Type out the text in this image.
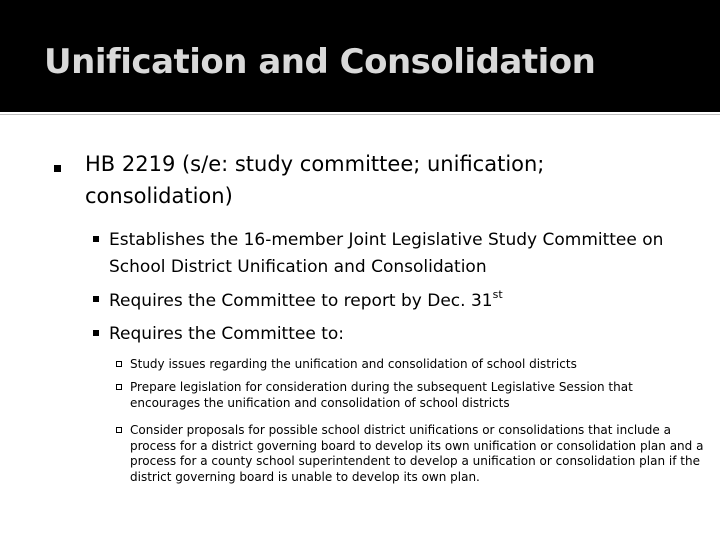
Unification and Consolidation
HB 2219 (s/e: study committee; unification; consolidation)
Establishes the 16-member Joint Legislative Study Committee on School District Unification and Consolidation
Requires the Committee to report by Dec. 31st
Requires the Committee to:
Study issues regarding the unification and consolidation of school districts
Prepare legislation for consideration during the subsequent Legislative Session that encourages the unification and consolidation of school districts
Consider proposals for possible school district unifications or consolidations that include a process for a district governing board to develop its own unification or consolidation plan and a process for a county school superintendent to develop a unification or consolidation plan if the district governing board is unable to develop its own plan.
